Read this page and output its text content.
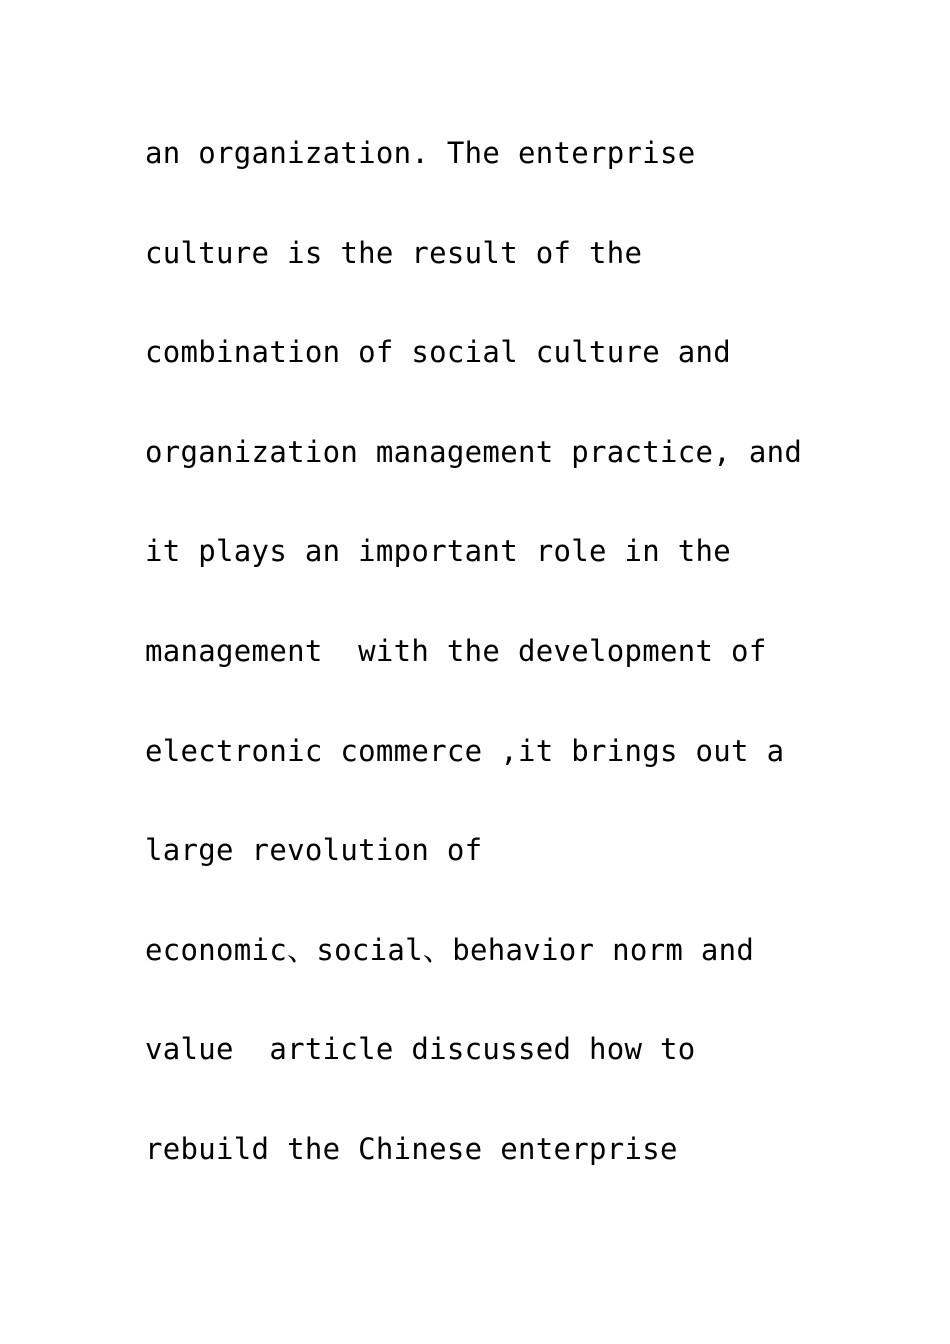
an organization. The enterprise
culture is the result of the
combination of social culture and
organization management practice, and
it plays an important role in the
management  with the development of
electronic commerce ,it brings out a
large revolution of
economic、social、behavior norm and
value  article discussed how to
rebuild the Chinese enterprise
